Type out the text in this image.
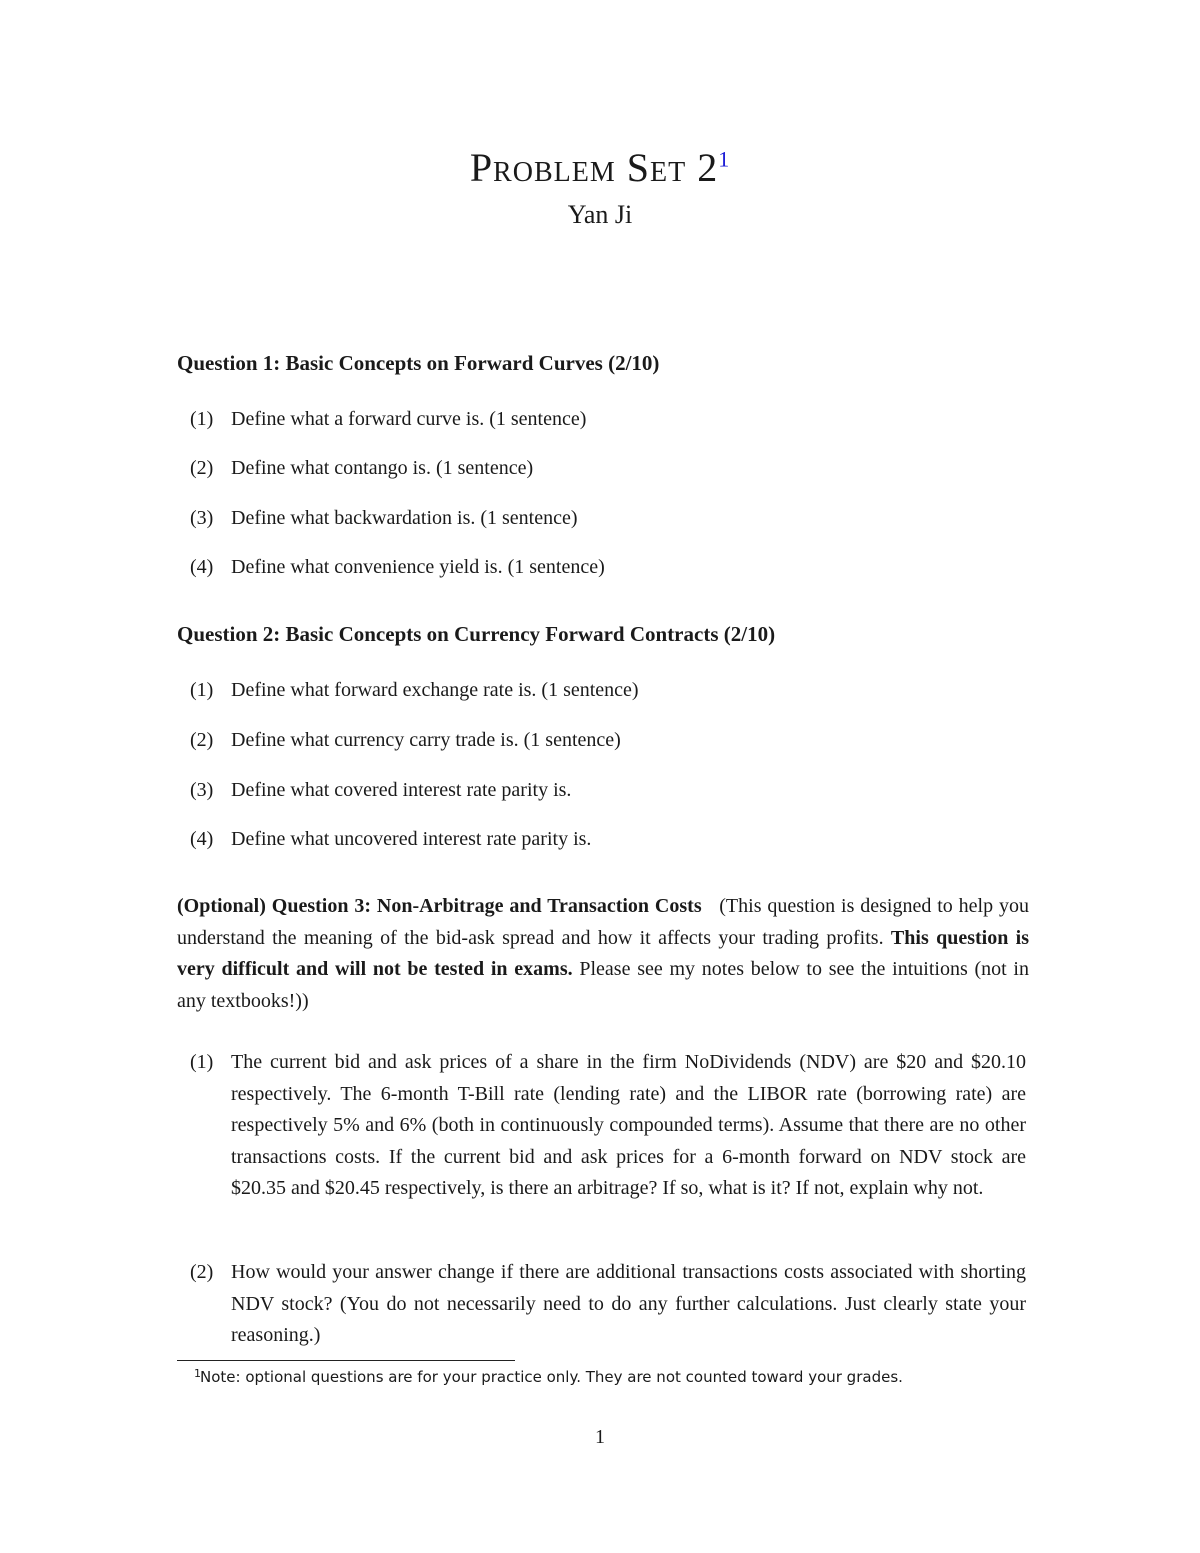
Problem Set $2^1$
Yan Ji
Question 1: Basic Concepts on Forward Curves (2/10)
(1) Define what a forward curve is. (1 sentence)
(2) Define what contango is. (1 sentence)
(3) Define what backwardation is. (1 sentence)
(4) Define what convenience yield is. (1 sentence)
Question 2: Basic Concepts on Currency Forward Contracts (2/10)
(1) Define what forward exchange rate is. (1 sentence)
(2) Define what currency carry trade is. (1 sentence)
(3) Define what covered interest rate parity is.
(4) Define what uncovered interest rate parity is.
(Optional) Question 3: Non-Arbitrage and Transaction Costs (This question is designed to help you understand the meaning of the bid-ask spread and how it affects your trading profits. This question is very difficult and will not be tested in exams. Please see my notes below to see the intuitions (not in any textbooks!))
(1) The current bid and ask prices of a share in the firm NoDividends (NDV) are $20 and $20.10 respectively. The 6-month T-Bill rate (lending rate) and the LIBOR rate (borrowing rate) are respectively 5% and 6% (both in continuously compounded terms). Assume that there are no other transactions costs. If the current bid and ask prices for a 6-month forward on NDV stock are $20.35 and $20.45 respectively, is there an arbitrage? If so, what is it? If not, explain why not.
(2) How would your answer change if there are additional transactions costs associated with shorting NDV stock? (You do not necessarily need to do any further calculations. Just clearly state your reasoning.)
1 Note: optional questions are for your practice only. They are not counted toward your grades.
1
